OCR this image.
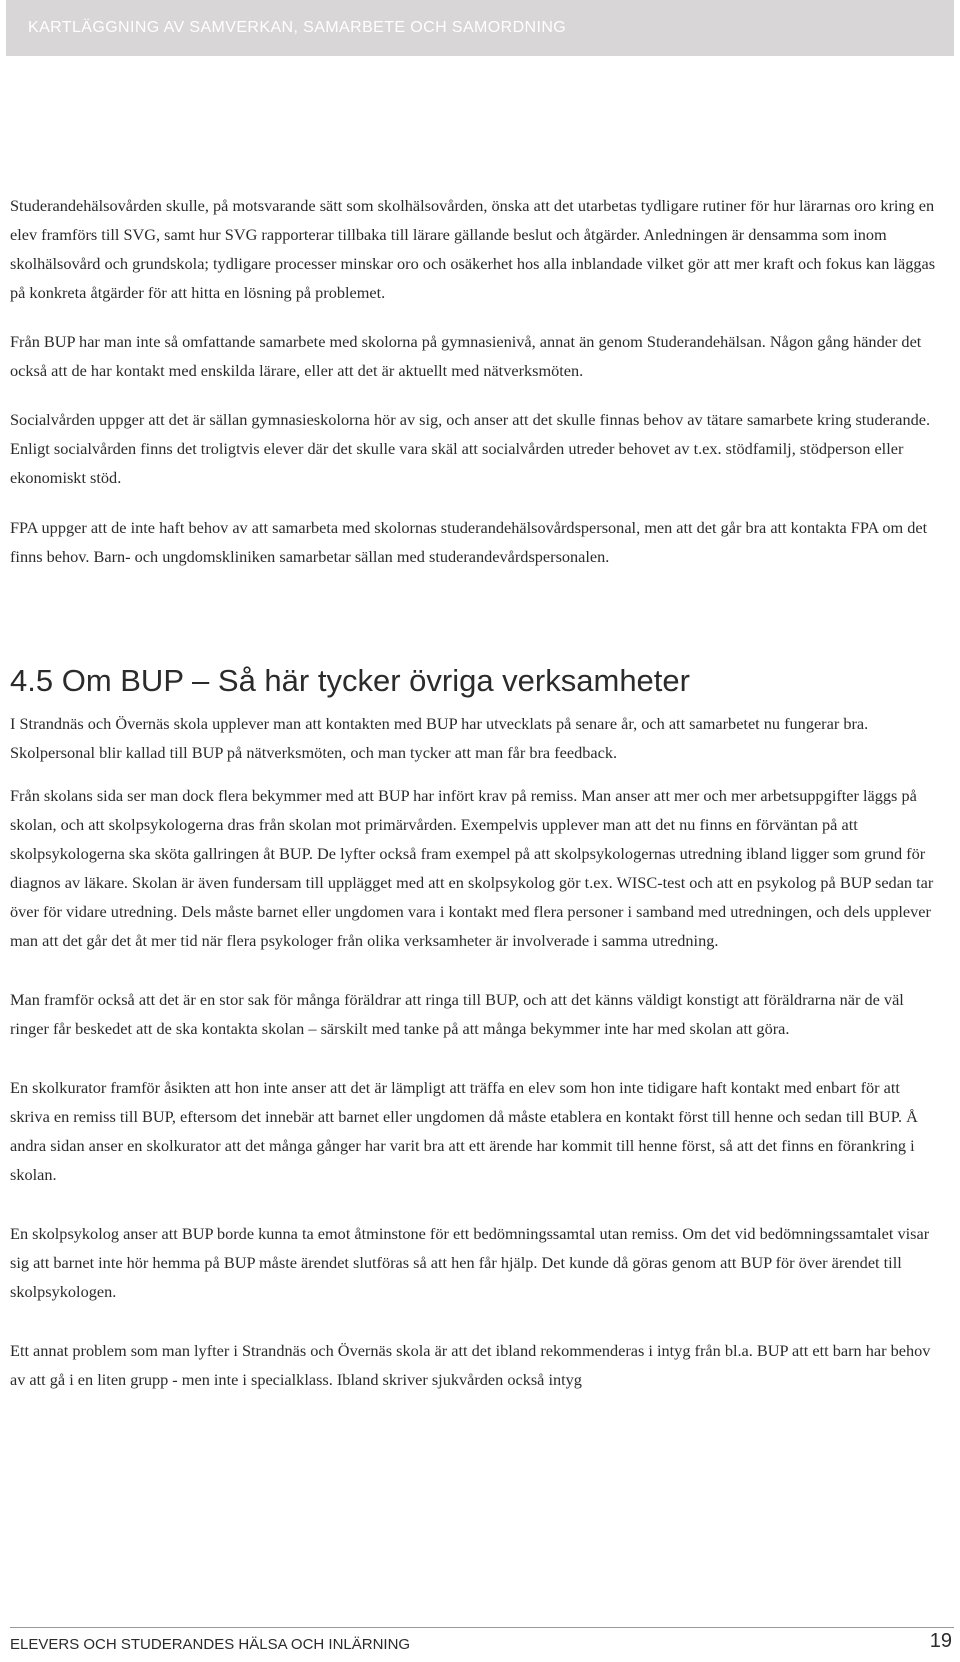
KARTLÄGGNING AV SAMVERKAN, SAMARBETE OCH SAMORDNING

Studerandehälsovården skulle, på motsvarande sätt som skolhälsovården, önska att det utarbetas tydligare rutiner för hur lärarnas oro kring en elev framförs till SVG, samt hur SVG rapporterar tillbaka till lärare gällande beslut och åtgärder. Anledningen är densamma som inom skolhälsovård och grundskola; tydligare processer minskar oro och osäkerhet hos alla inblandade vilket gör att mer kraft och fokus kan läggas på konkreta åtgärder för att hitta en lösning på problemet.

Från BUP har man inte så omfattande samarbete med skolorna på gymnasienivå, annat än genom Studerandehälsan. Någon gång händer det också att de har kontakt med enskilda lärare, eller att det är aktuellt med nätverksmöten.

Socialvården uppger att det är sällan gymnasieskolorna hör av sig, och anser att det skulle finnas behov av tätare samarbete kring studerande. Enligt socialvården finns det troligtvis elever där det skulle vara skäl att socialvården utreder behovet av t.ex. stödfamilj, stödperson eller ekonomiskt stöd.

FPA uppger att de inte haft behov av att samarbeta med skolornas studerandehälsovårdspersonal, men att det går bra att kontakta FPA om det finns behov. Barn- och ungdomskliniken samarbetar sällan med studerandevårdspersonalen.

4.5 Om BUP – Så här tycker övriga verksamheter

I Strandnäs och Övernäs skola upplever man att kontakten med BUP har utvecklats på senare år, och att samarbetet nu fungerar bra. Skolpersonal blir kallad till BUP på nätverksmöten, och man tycker att man får bra feedback.

Från skolans sida ser man dock flera bekymmer med att BUP har infört krav på remiss. Man anser att mer och mer arbetsuppgifter läggs på skolan, och att skolpsykologerna dras från skolan mot primärvården. Exempelvis upplever man att det nu finns en förväntan på att skolpsykologerna ska sköta gallringen åt BUP. De lyfter också fram exempel på att skolpsykologernas utredning ibland ligger som grund för diagnos av läkare. Skolan är även fundersam till upplägget med att en skolpsykolog gör t.ex. WISC-test och att en psykolog på BUP sedan tar över för vidare utredning. Dels måste barnet eller ungdomen vara i kontakt med flera personer i samband med utredningen, och dels upplever man att det går det åt mer tid när flera psykologer från olika verksamheter är involverade i samma utredning.

Man framför också att det är en stor sak för många föräldrar att ringa till BUP, och att det känns väldigt konstigt att föräldrarna när de väl ringer får beskedet att de ska kontakta skolan – särskilt med tanke på att många bekymmer inte har med skolan att göra.

En skolkurator framför åsikten att hon inte anser att det är lämpligt att träffa en elev som hon inte tidigare haft kontakt med enbart för att skriva en remiss till BUP, eftersom det innebär att barnet eller ungdomen då måste etablera en kontakt först till henne och sedan till BUP. Å andra sidan anser en skolkurator att det många gånger har varit bra att ett ärende har kommit till henne först, så att det finns en förankring i skolan.

En skolpsykolog anser att BUP borde kunna ta emot åtminstone för ett bedömningssamtal utan remiss. Om det vid bedömningssamtalet visar sig att barnet inte hör hemma på BUP måste ärendet slutföras så att hen får hjälp. Det kunde då göras genom att BUP för över ärendet till skolpsykologen.

Ett annat problem som man lyfter i Strandnäs och Övernäs skola är att det ibland rekommenderas i intyg från bl.a. BUP att ett barn har behov av att gå i en liten grupp - men inte i specialklass. Ibland skriver sjukvården också intyg

ELEVERS OCH STUDERANDES HÄLSA OCH INLÄRNING	19
